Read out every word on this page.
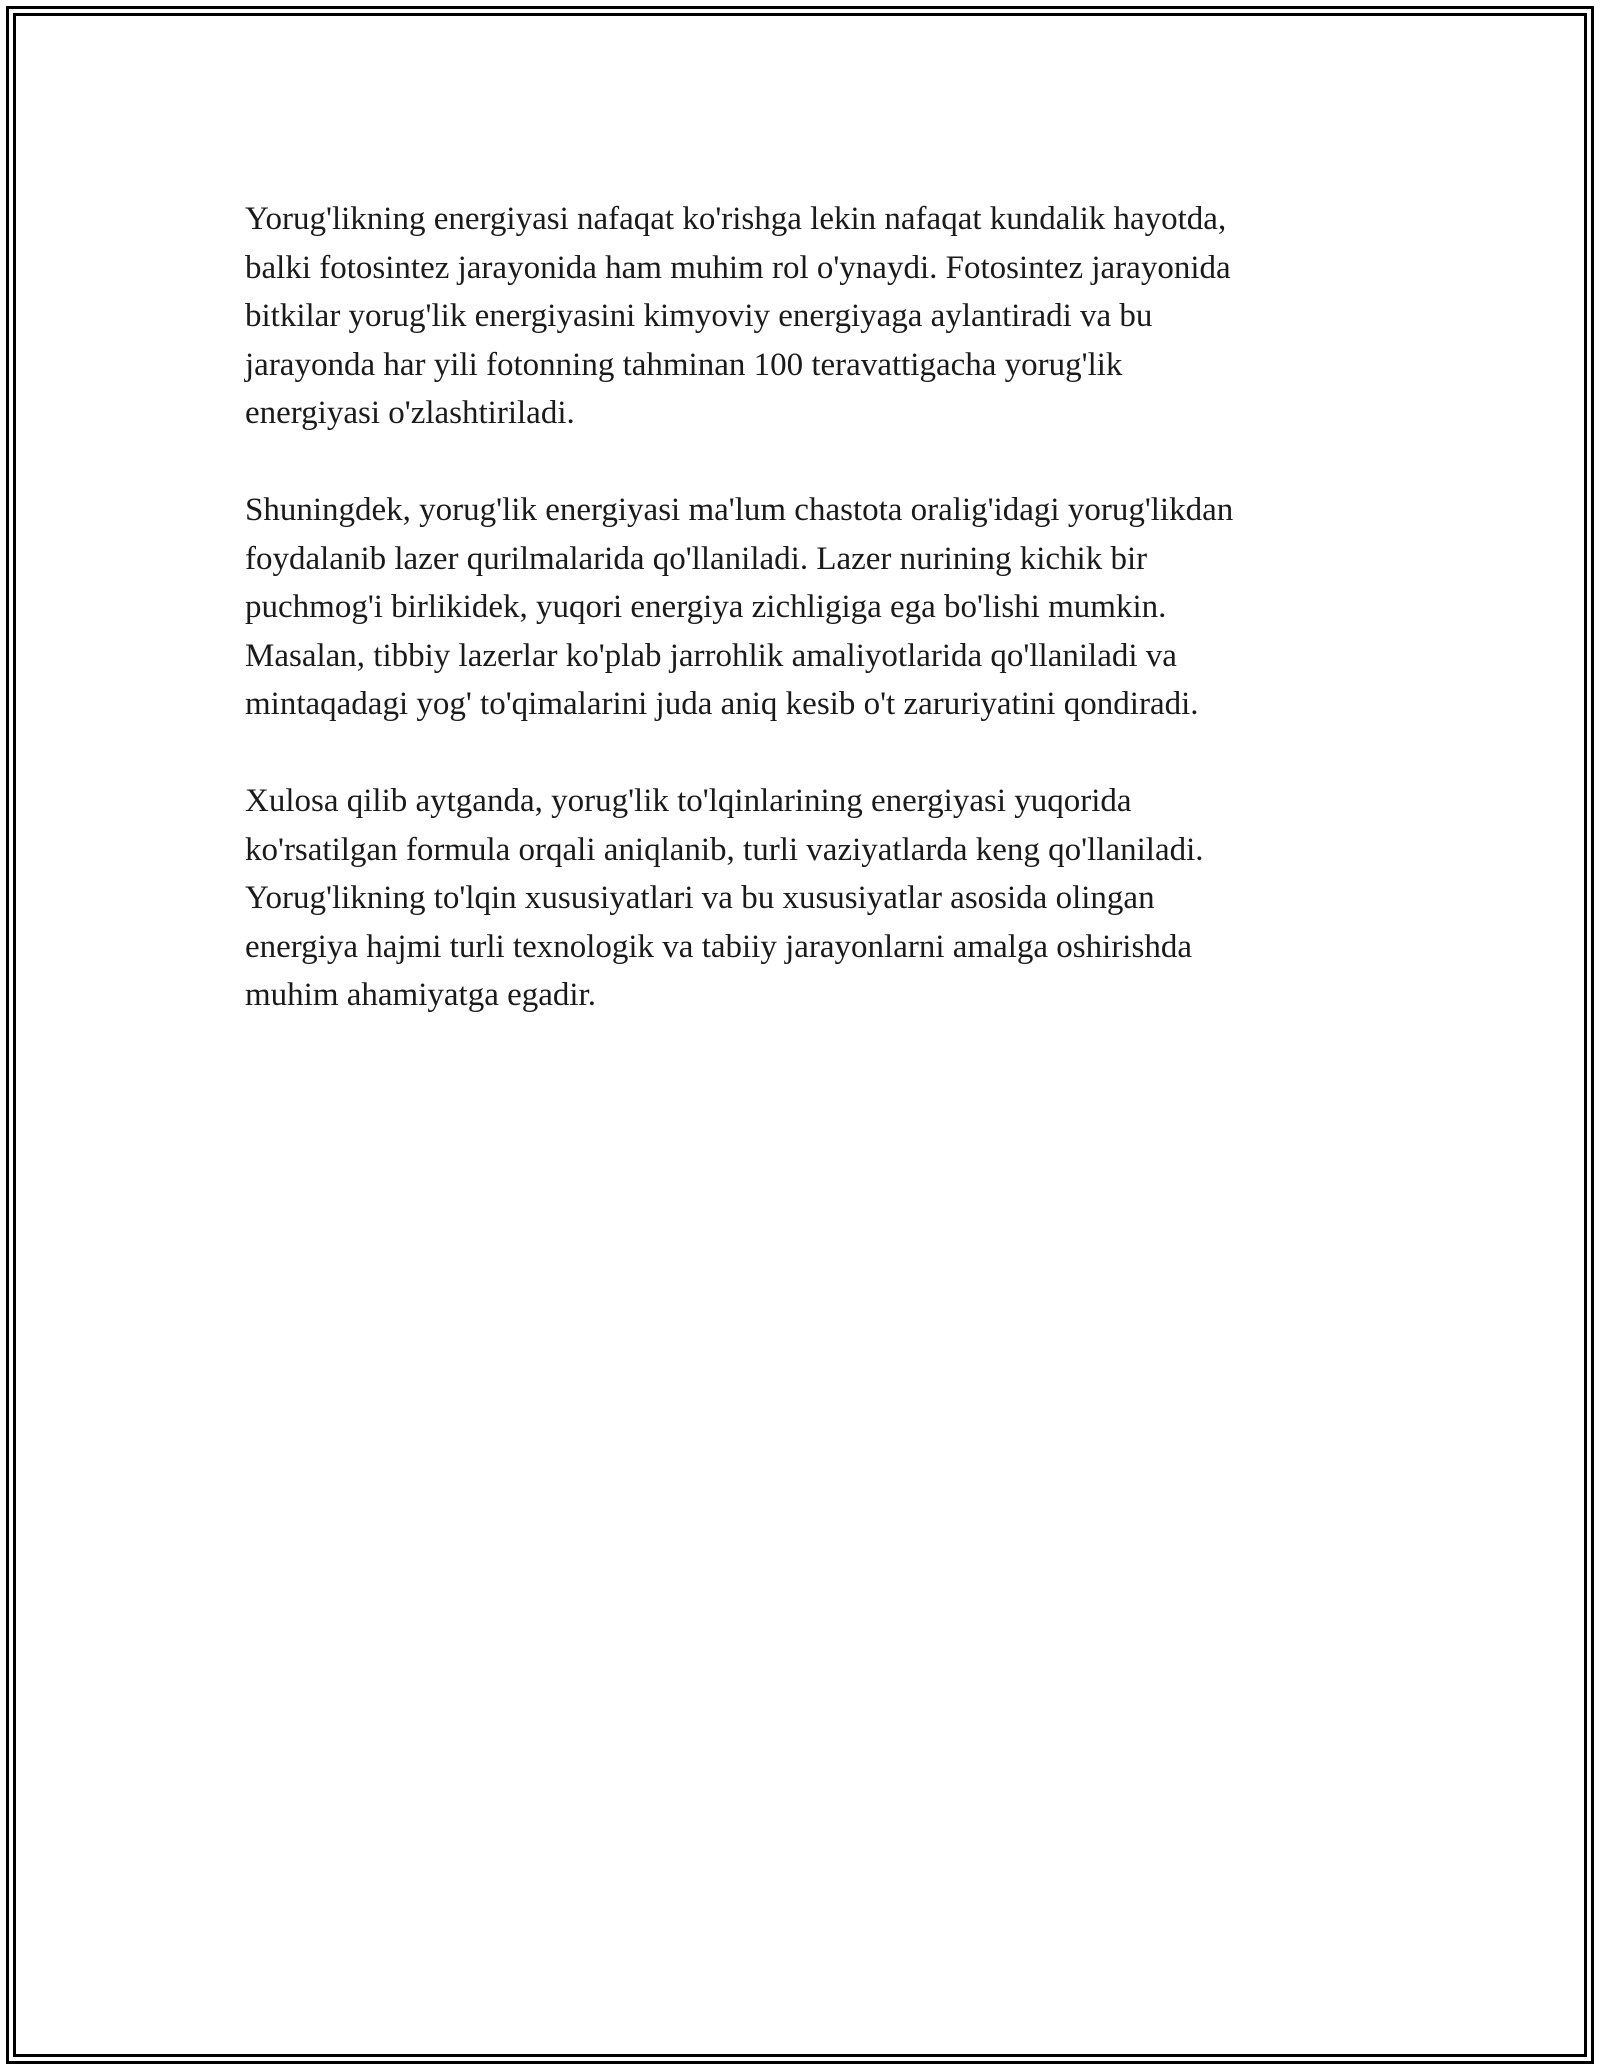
Yorug'likning energiyasi nafaqat ko'rishga lekin nafaqat kundalik hayotda,
balki fotosintez jarayonida ham muhim rol o'ynaydi. Fotosintez jarayonida
bitkilar yorug'lik energiyasini kimyoviy energiyaga aylantiradi va bu
jarayonda har yili fotonning tahminan 100 teravattigacha yorug'lik
energiyasi o'zlashtiriladi.

Shuningdek, yorug'lik energiyasi ma'lum chastota oralig'idagi yorug'likdan
foydalanib lazer qurilmalarida qo'llaniladi. Lazer nurining kichik bir
puchmog'i birlikidek, yuqori energiya zichligiga ega bo'lishi mumkin.
Masalan, tibbiy lazerlar ko'plab jarrohlik amaliyotlarida qo'llaniladi va
mintaqadagi yog' to'qimalarini juda aniq kesib o't zaruriyatini qondiradi.

Xulosa qilib aytganda, yorug'lik to'lqinlarining energiyasi yuqorida
ko'rsatilgan formula orqali aniqlanib, turli vaziyatlarda keng qo'llaniladi.
Yorug'likning to'lqin xususiyatlari va bu xususiyatlar asosida olingan
energiya hajmi turli texnologik va tabiiy jarayonlarni amalga oshirishda
muhim ahamiyatga egadir.
